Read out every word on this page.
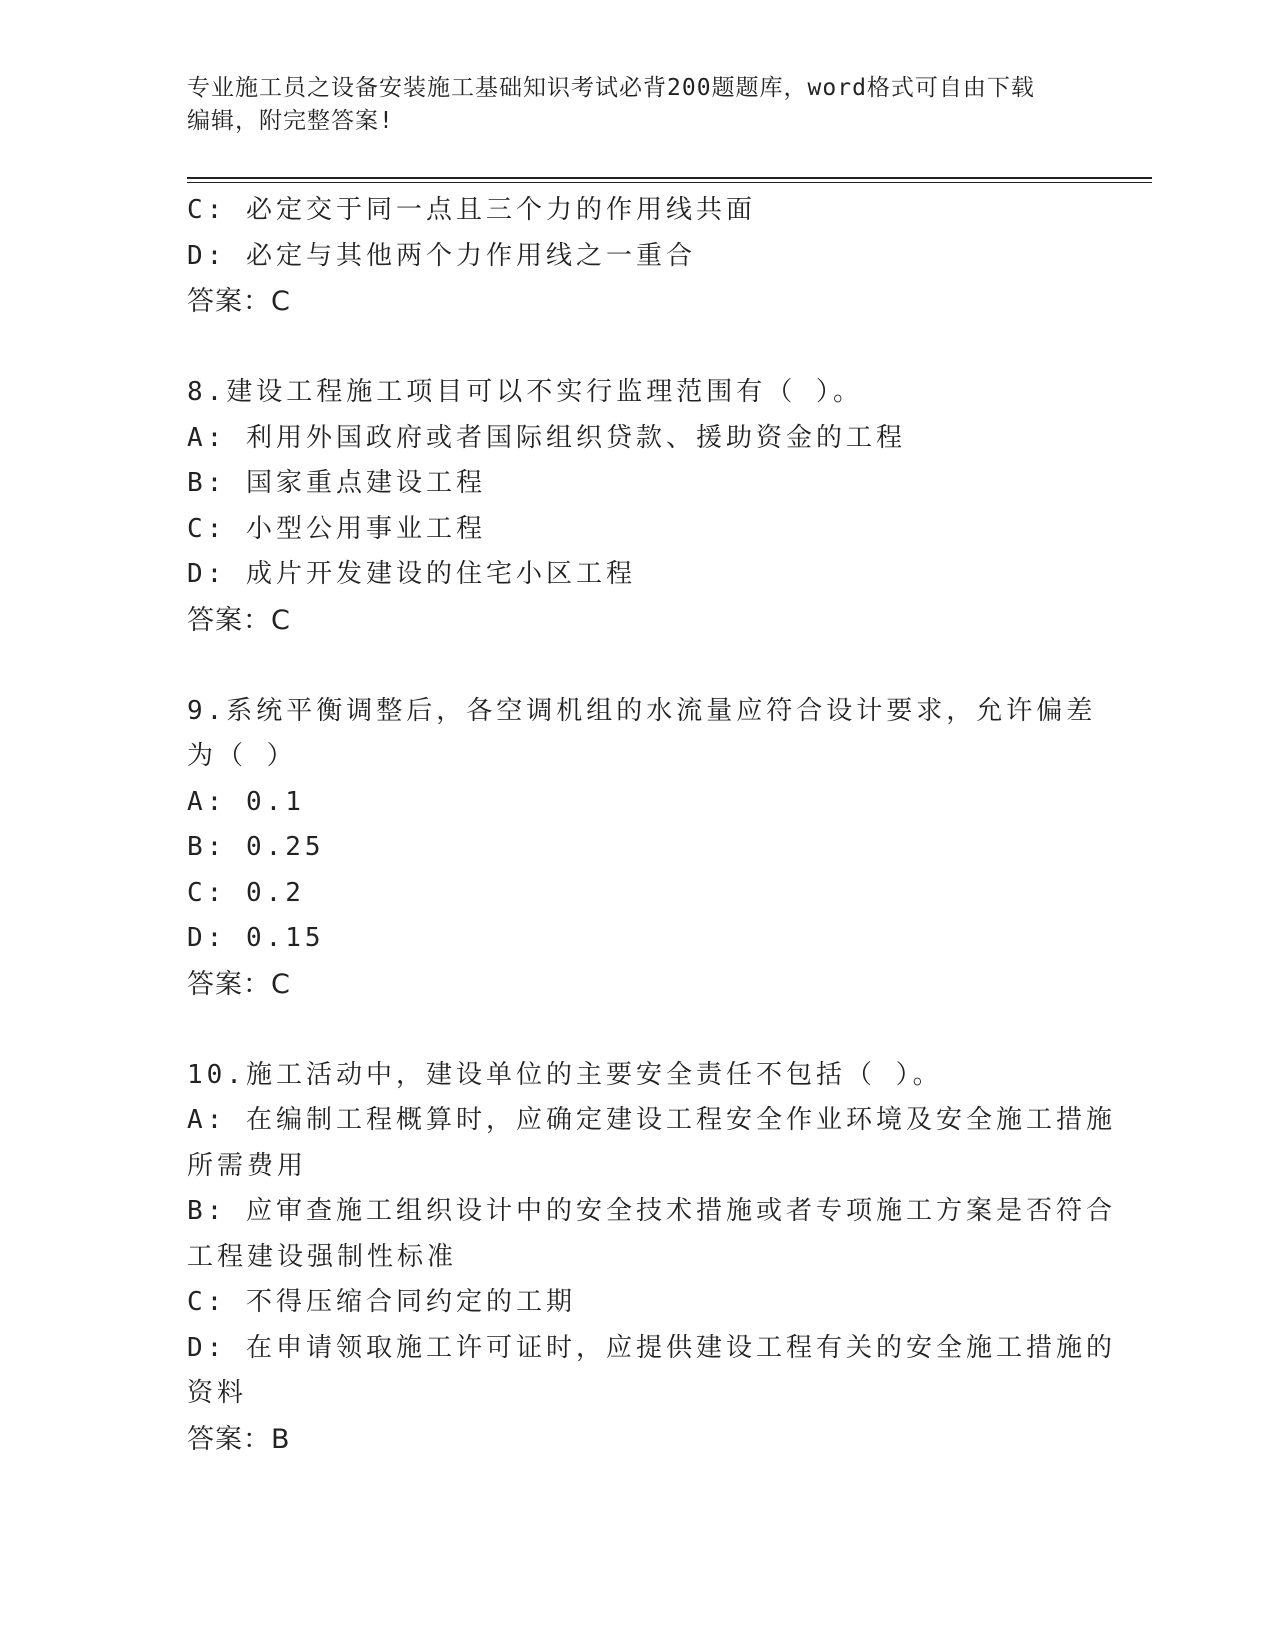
专业施工员之设备安装施工基础知识考试必背200题题库，word格式可自由下载
编辑，附完整答案!
C: 必定交于同一点且三个力的作用线共面
D: 必定与其他两个力作用线之一重合
答案：C
8.建设工程施工项目可以不实行监理范围有（ ）。
A: 利用外国政府或者国际组织贷款、援助资金的工程
B: 国家重点建设工程
C: 小型公用事业工程
D: 成片开发建设的住宅小区工程
答案：C
9.系统平衡调整后，各空调机组的水流量应符合设计要求，允许偏差
为（ ）
A: 0.1
B: 0.25
C: 0.2
D: 0.15
答案：C
10.施工活动中，建设单位的主要安全责任不包括（ ）。
A: 在编制工程概算时，应确定建设工程安全作业环境及安全施工措施
所需费用
B: 应审查施工组织设计中的安全技术措施或者专项施工方案是否符合
工程建设强制性标准
C: 不得压缩合同约定的工期
D: 在申请领取施工许可证时，应提供建设工程有关的安全施工措施的
资料
答案：B
